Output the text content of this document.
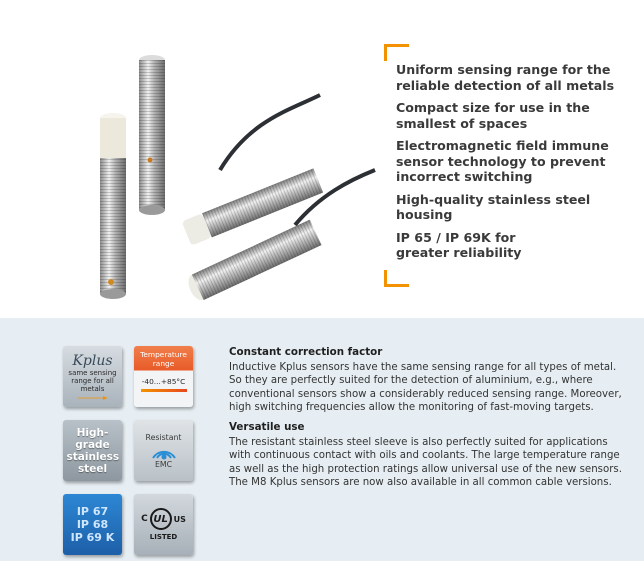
Uniform sensing range for the reliable detection of all metals

Compact size for use in the smallest of spaces

Electromagnetic field immune sensor technology to prevent incorrect switching

High-quality stainless steel housing

IP 65 / IP 69K for greater reliability

Kplus
same sensing range for all metals
Temperature range
-40...+85°C
High-grade stainless steel
Resistant
EMC
IP 67
IP 68
IP 69 K
C UL US
LISTED
Constant correction factor
Inductive Kplus sensors have the same sensing range for all types of metal. So they are perfectly suited for the detection of aluminium, e.g., where conventional sensors show a considerably reduced sensing range. Moreover, high switching frequencies allow the monitoring of fast-moving targets.
Versatile use
The resistant stainless steel sleeve is also perfectly suited for applications with continuous contact with oils and coolants. The large temperature range as well as the high protection ratings allow universal use of the new sensors. The M8 Kplus sensors are now also available in all common cable versions.
